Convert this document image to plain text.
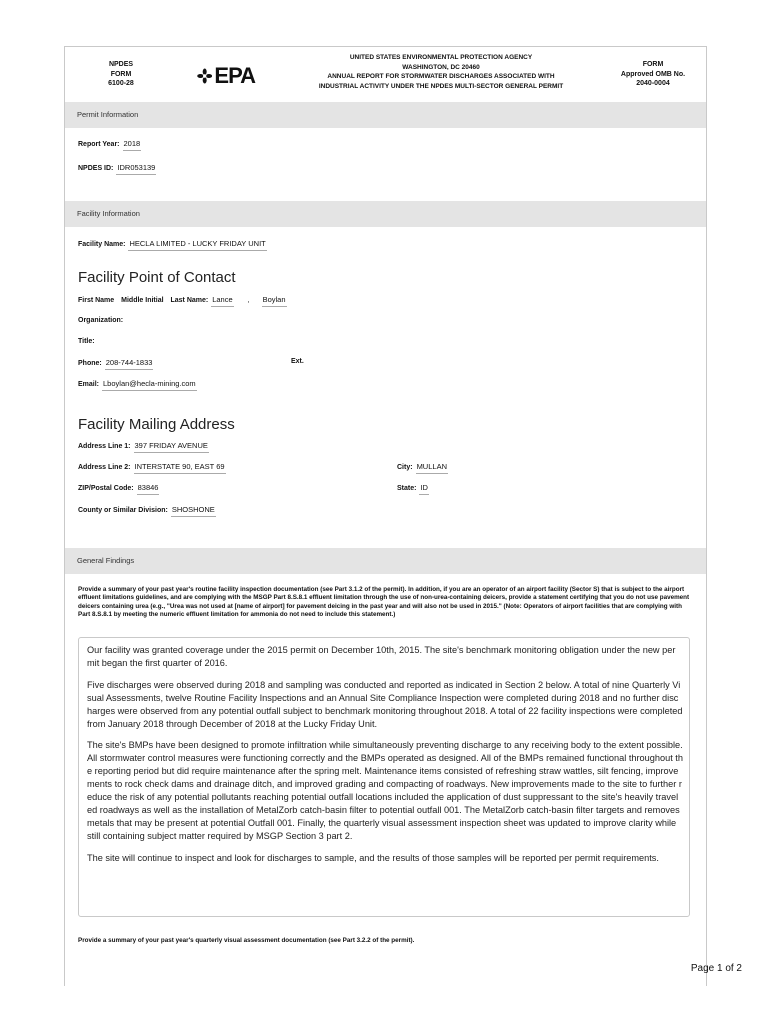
NPDES
FORM
6100-28	EPA
UNITED STATES ENVIRONMENTAL PROTECTION AGENCY
WASHINGTON, DC 20460
ANNUAL REPORT FOR STORMWATER DISCHARGES ASSOCIATED WITH
INDUSTRIAL ACTIVITY UNDER THE NPDES MULTI-SECTOR GENERAL PERMIT
FORM
Approved OMB No.
2040-0004
Permit Information
Report Year: 2018
NPDES ID: IDR053139
Facility Information
Facility Name: HECLA LIMITED - LUCKY FRIDAY UNIT
Facility Point of Contact
First Name Middle Initial Last Name: Lance , Boylan
Organization:
Title:
Phone: 208-744-1833	Ext.
Email: Lboylan@hecla-mining.com
Facility Mailing Address
Address Line 1: 397 FRIDAY AVENUE
Address Line 2: INTERSTATE 90, EAST 69	City: MULLAN
ZIP/Postal Code: 83846	State: ID
County or Similar Division: SHOSHONE
General Findings
Provide a summary of your past year's routine facility inspection documentation (see Part 3.1.2 of the permit). In addition, if you are an operator of an airport facility (Sector S) that is subject to the airport effluent limitations guidelines, and are complying with the MSGP Part 8.S.8.1 effluent limitation through the use of non-urea-containing deicers, provide a statement certifying that you do not use pavement deicers containing urea (e.g., "Urea was not used at [name of airport] for pavement deicing in the past year and will also not be used in 2015." (Note: Operators of airport facilities that are complying with Part 8.S.8.1 by meeting the numeric effluent limitation for ammonia do not need to include this statement.)

Our facility was granted coverage under the 2015 permit on December 10th, 2015. The site's benchmark monitoring obligation under the new permit began the first quarter of 2016.

Five discharges were observed during 2018 and sampling was conducted and reported as indicated in Section 2 below. A total of nine Quarterly Visual Assessments, twelve Routine Facility Inspections and an Annual Site Compliance Inspection were completed during 2018 and no further discharges were observed from any potential outfall subject to benchmark monitoring throughout 2018. A total of 22 facility inspections were completed from January 2018 through December of 2018 at the Lucky Friday Unit.

The site's BMPs have been designed to promote infiltration while simultaneously preventing discharge to any receiving body to the extent possible. All stormwater control measures were functioning correctly and the BMPs operated as designed. All of the BMPs remained functional throughout the reporting period but did require maintenance after the spring melt. Maintenance items consisted of refreshing straw wattles, silt fencing, improvements to rock check dams and drainage ditch, and improved grading and compacting of roadways. New improvements made to the site to further reduce the risk of any potential pollutants reaching potential outfall locations included the application of dust suppressant to the site's heavily traveled roadways as well as the installation of MetalZorb catch-basin filter to potential outfall 001. The MetalZorb catch-basin filter targets and removes metals that may be present at potential Outfall 001. Finally, the quarterly visual assessment inspection sheet was updated to improve clarity while still containing subject matter required by MSGP Section 3 part 2.

The site will continue to inspect and look for discharges to sample, and the results of those samples will be reported per permit requirements.

Provide a summary of your past year's quarterly visual assessment documentation (see Part 3.2.2 of the permit).
Page 1 of 2
